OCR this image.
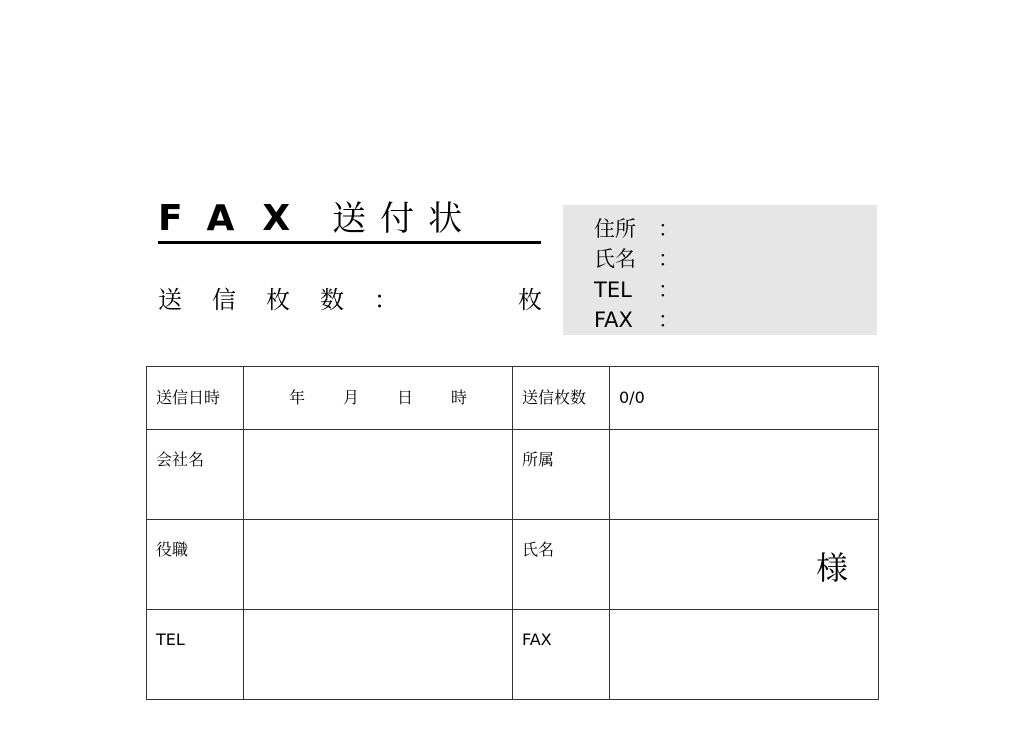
FAX 送付状
送信枚数：	枚
住所 ：
氏名 ：
TEL ：
FAX ：
送信日時	年 月 日 時	送信枚数	0/0
会社名		所属	
役職		氏名	様

TEL		FAX	
